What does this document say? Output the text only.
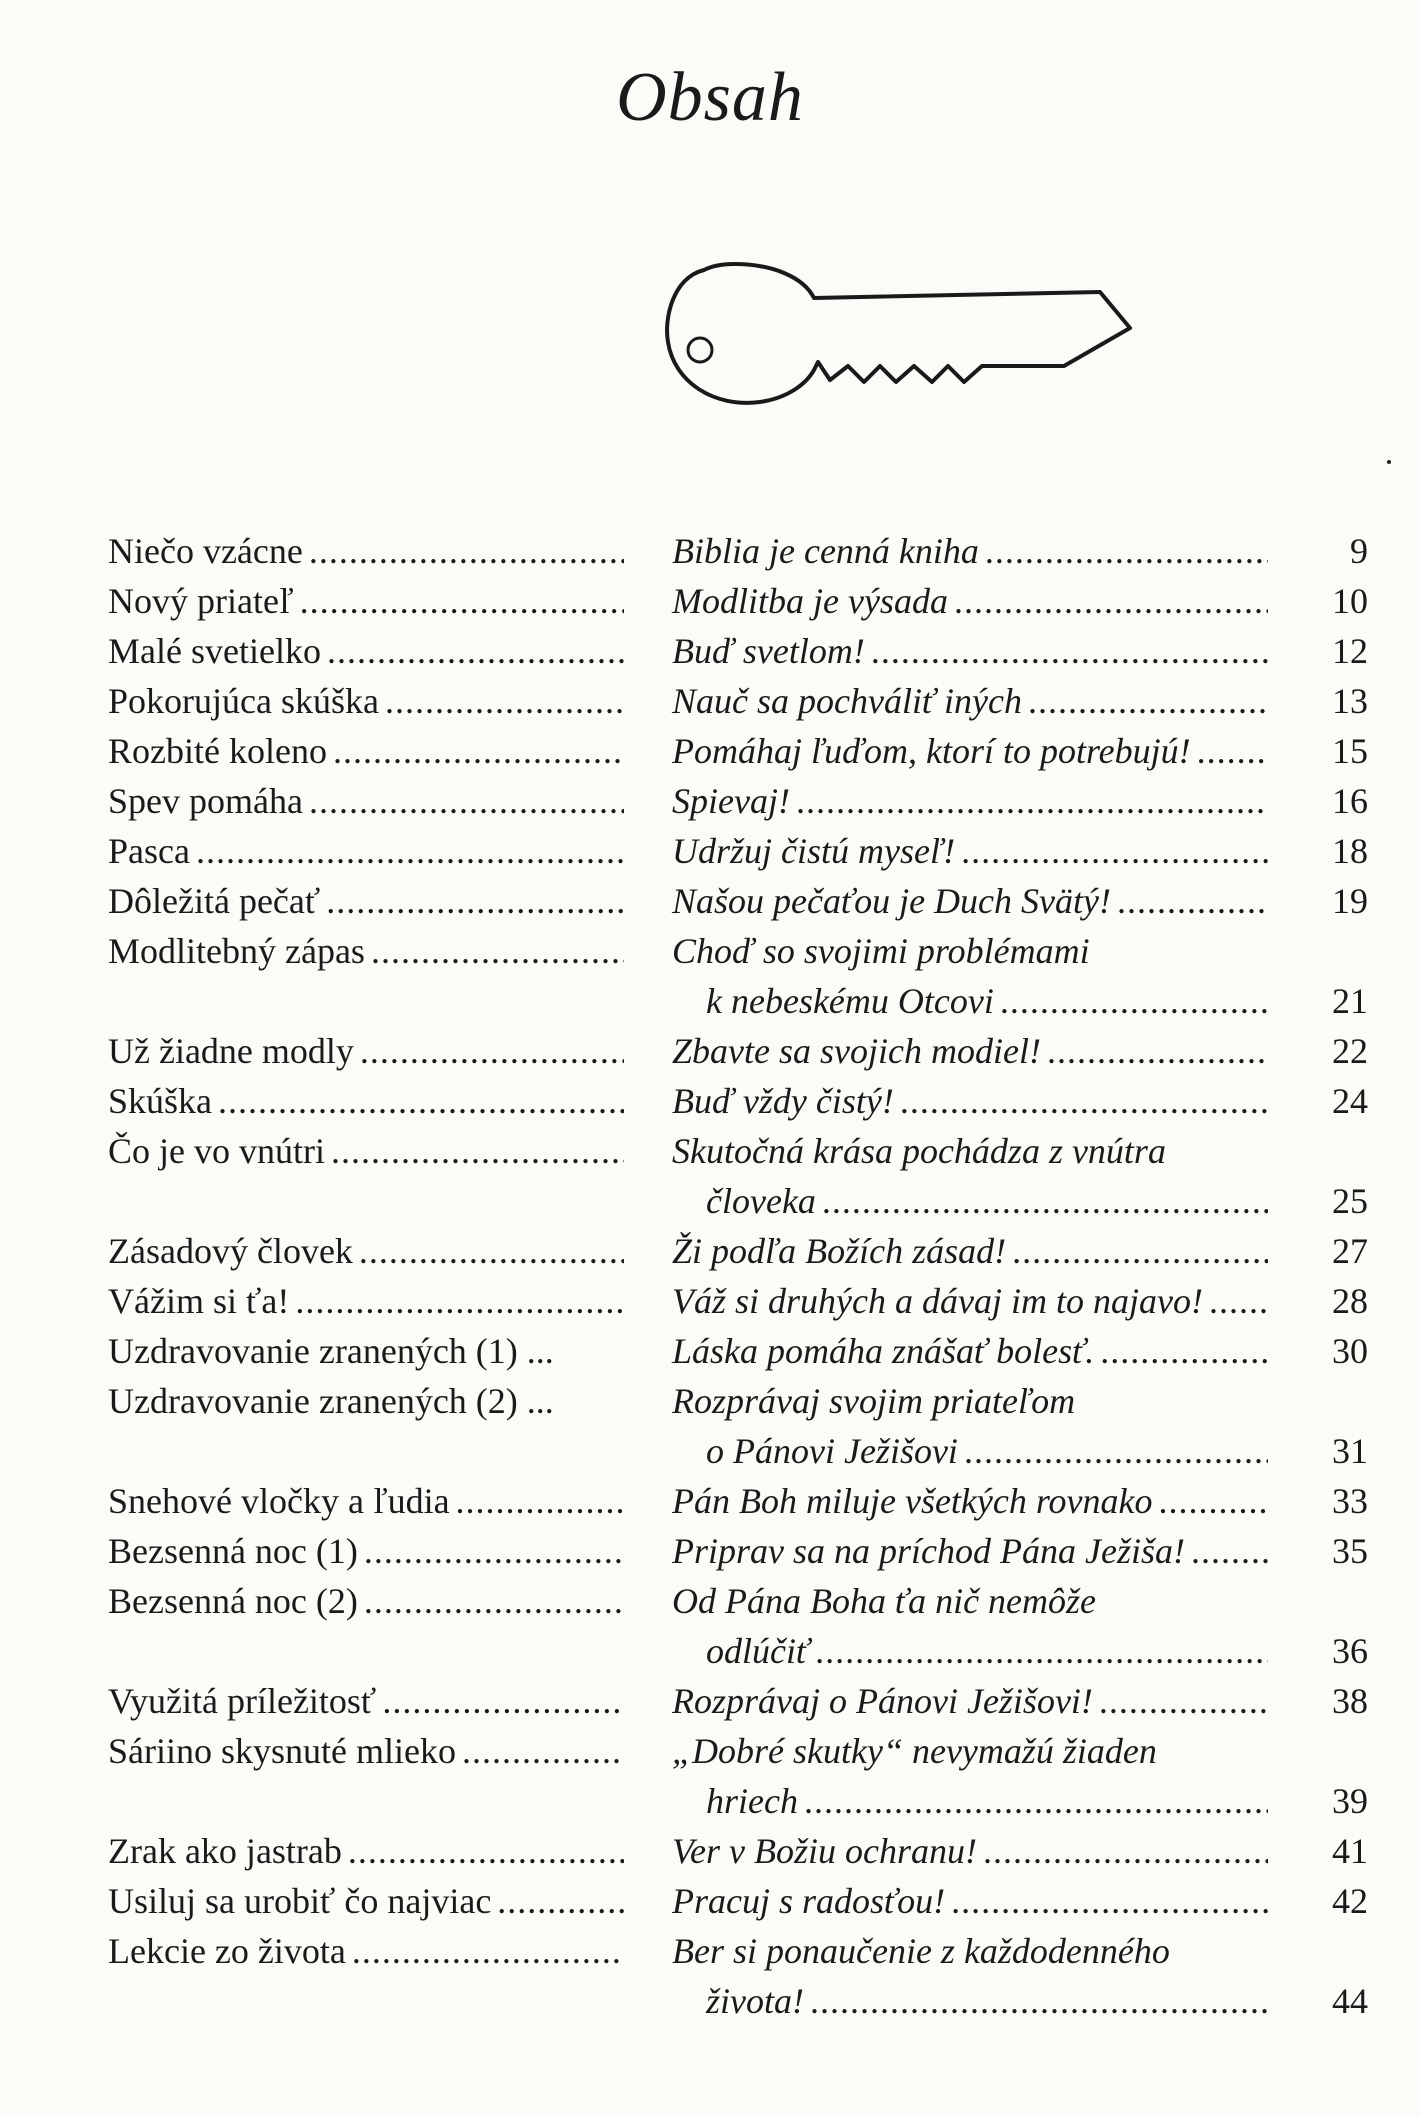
Obsah
Niečo vzácne .....	Biblia je cenná kniha .....	9
Nový priateľ .....	Modlitba je výsada .....	10
Malé svetielko .....	Buď svetlom! .....	12
Pokorujúca skúška .....	Nauč sa pochváliť iných .....	13
Rozbité koleno .....	Pomáhaj ľuďom, ktorí to potrebujú! .....	15
Spev pomáha .....	Spievaj! .....	16
Pasca .....	Udržuj čistú myseľ! .....	18
Dôležitá pečať .....	Našou pečaťou je Duch Svätý! .....	19
Modlitebný zápas .....	Choď so svojimi problémami
k nebeskému Otcovi .....	21
Už žiadne modly .....	Zbavte sa svojich modiel! .....	22
Skúška .....	Buď vždy čistý! .....	24
Čo je vo vnútri .....	Skutočná krása pochádza z vnútra
človeka .....	25
Zásadový človek .....	Ži podľa Božích zásad! .....	27
Vážim si ťa! .....	Váž si druhých a dávaj im to najavo! .....	28
Uzdravovanie zranených (1) ...	Láska pomáha znášať bolesť. .....	30
Uzdravovanie zranených (2) ...	Rozprávaj svojim priateľom
o Pánovi Ježišovi .....	31
Snehové vločky a ľudia .....	Pán Boh miluje všetkých rovnako .....	33
Bezsenná noc (1) .....	Priprav sa na príchod Pána Ježiša! .....	35
Bezsenná noc (2) .....	Od Pána Boha ťa nič nemôže
odlúčiť .....	36
Využitá príležitosť .....	Rozprávaj o Pánovi Ježišovi! .....	38
Sáriino skysnuté mlieko .....	„Dobré skutky“ nevymažú žiaden
hriech .....	39
Zrak ako jastrab .....	Ver v Božiu ochranu! .....	41
Usiluj sa urobiť čo najviac .....	Pracuj s radosťou! .....	42
Lekcie zo života .....	Ber si ponaučenie z každodenného
života! .....	44
